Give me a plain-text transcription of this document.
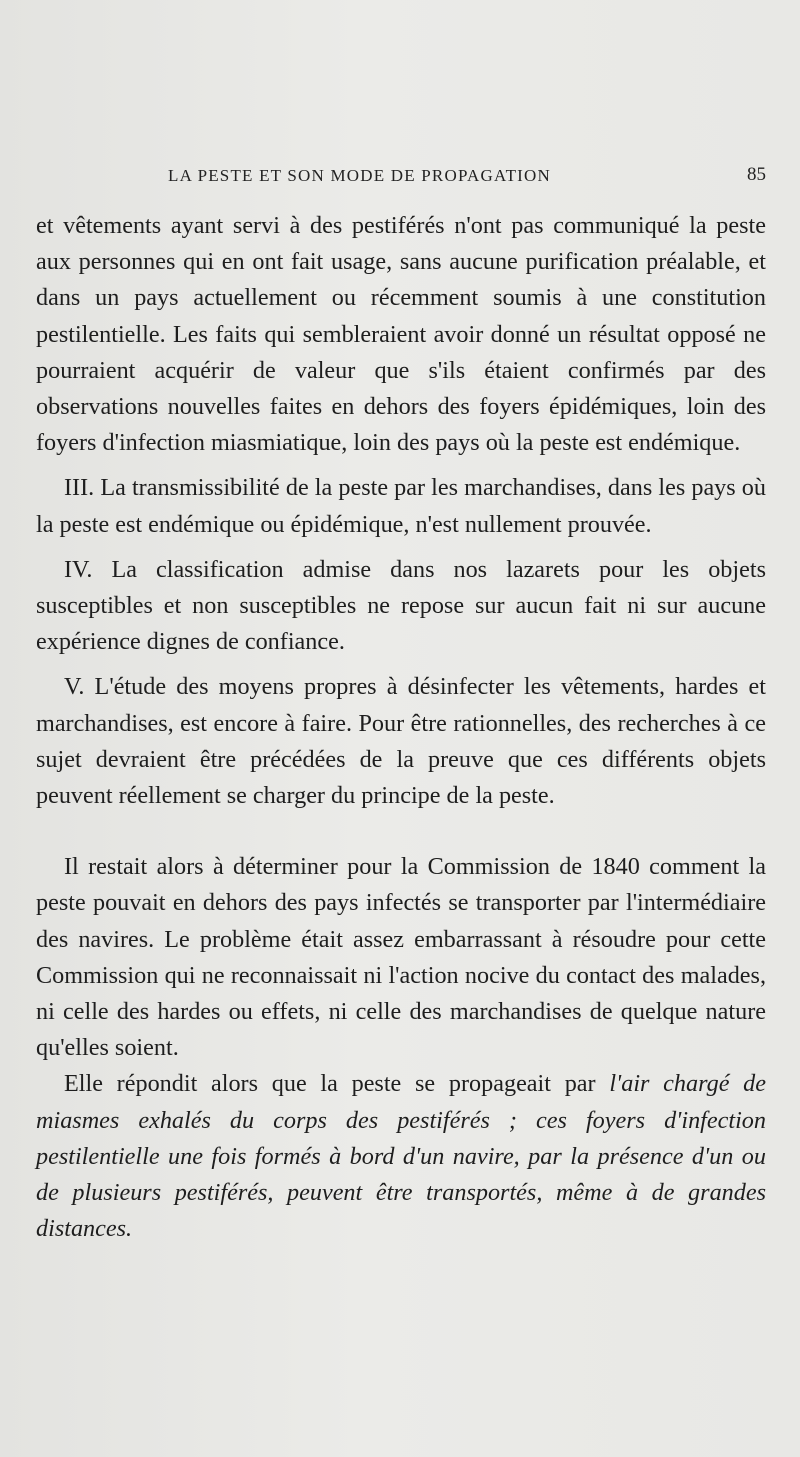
LA PESTE ET SON MODE DE PROPAGATION	85

et vêtements ayant servi à des pestiférés n'ont pas communiqué la peste aux personnes qui en ont fait usage, sans aucune purification préalable, et dans un pays actuellement ou récemment soumis à une constitution pestilentielle. Les faits qui sembleraient avoir donné un résultat opposé ne pourraient acquérir de valeur que s'ils étaient confirmés par des observations nouvelles faites en dehors des foyers épidémiques, loin des foyers d'infection miasmiatique, loin des pays où la peste est endémique.

III. La transmissibilité de la peste par les marchandises, dans les pays où la peste est endémique ou épidémique, n'est nullement prouvée.

IV. La classification admise dans nos lazarets pour les objets susceptibles et non susceptibles ne repose sur aucun fait ni sur aucune expérience dignes de confiance.

V. L'étude des moyens propres à désinfecter les vêtements, hardes et marchandises, est encore à faire. Pour être rationnelles, des recherches à ce sujet devraient être précédées de la preuve que ces différents objets peuvent réellement se charger du principe de la peste.

Il restait alors à déterminer pour la Commission de 1840 comment la peste pouvait en dehors des pays infectés se transporter par l'intermédiaire des navires. Le problème était assez embarrassant à résoudre pour cette Commission qui ne reconnaissait ni l'action nocive du contact des malades, ni celle des hardes ou effets, ni celle des marchandises de quelque nature qu'elles soient.

Elle répondit alors que la peste se propageait par l'air chargé de miasmes exhalés du corps des pestiférés ; ces foyers d'infection pestilentielle une fois formés à bord d'un navire, par la présence d'un ou de plusieurs pestiférés, peuvent être transportés, même à de grandes distances.
